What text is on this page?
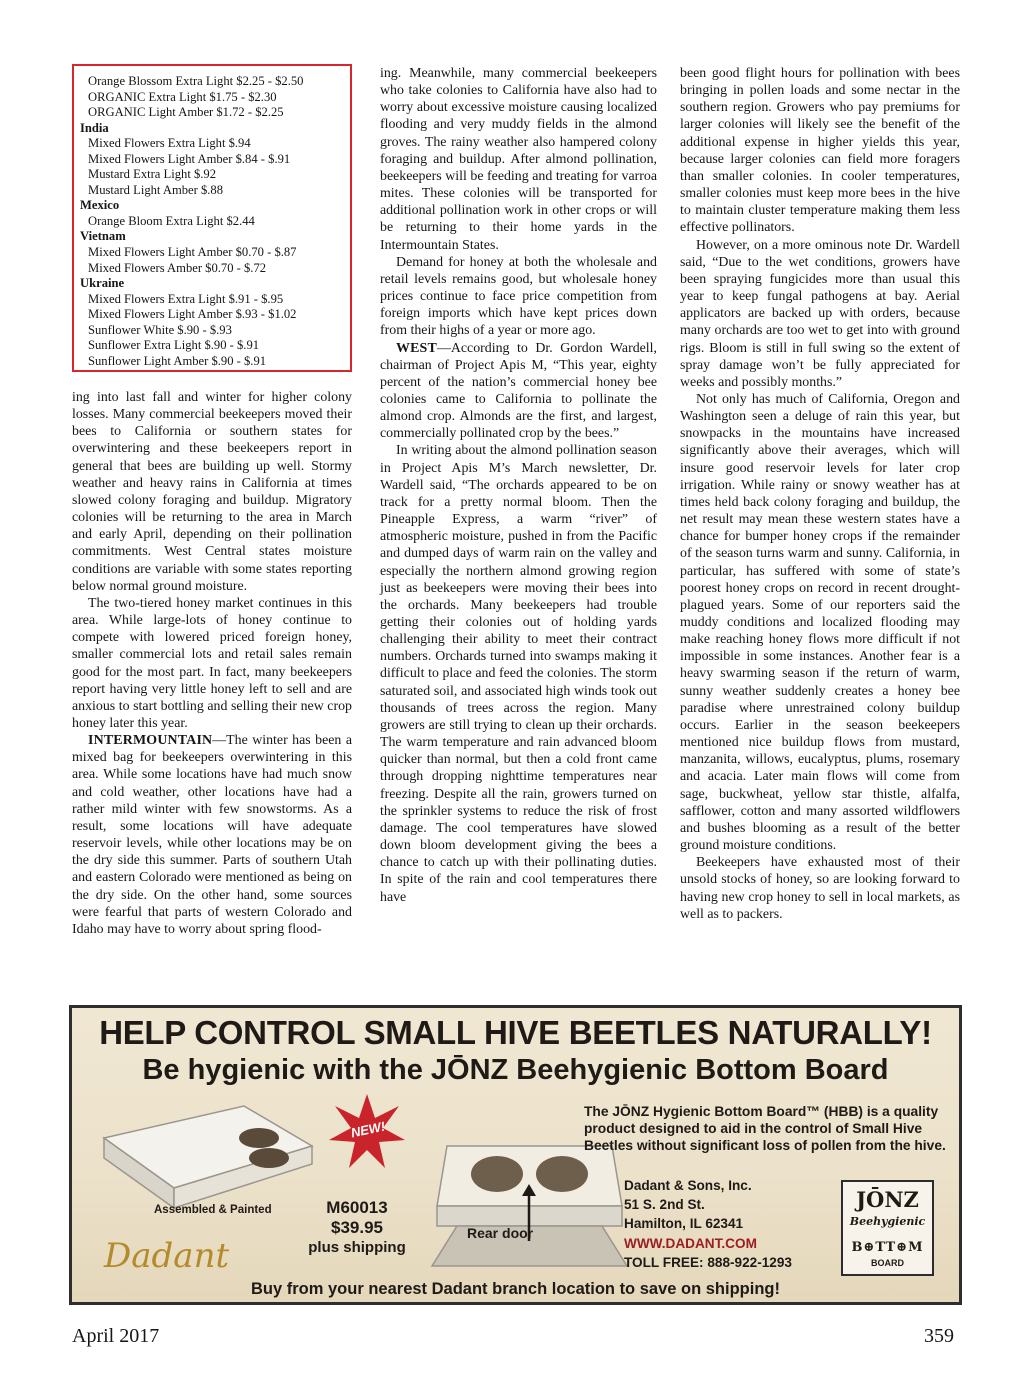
Orange Blossom Extra Light $2.25 - $2.50
ORGANIC Extra Light $1.75 - $2.30
ORGANIC Light Amber $1.72 - $2.25
India
Mixed Flowers Extra Light $.94
Mixed Flowers Light Amber $.84 - $.91
Mustard Extra Light $.92
Mustard Light Amber $.88
Mexico
Orange Bloom Extra Light $2.44
Vietnam
Mixed Flowers Light Amber $0.70 - $.87
Mixed Flowers Amber $0.70 - $.72
Ukraine
Mixed Flowers Extra Light $.91 - $.95
Mixed Flowers Light Amber $.93 - $1.02
Sunflower White $.90 - $.93
Sunflower Extra Light $.90 - $.91
Sunflower Light Amber $.90 - $.91

ing into last fall and winter for higher colony losses. Many commercial beekeepers moved their bees to California or southern states for overwintering and these beekeepers report in general that bees are building up well. Stormy weather and heavy rains in California at times slowed colony foraging and buildup. Migratory colonies will be returning to the area in March and early April, depending on their pollination commitments. West Central states moisture conditions are variable with some states reporting below normal ground moisture.

The two-tiered honey market continues in this area. While large-lots of honey continue to compete with lowered priced foreign honey, smaller commercial lots and retail sales remain good for the most part. In fact, many beekeepers report having very little honey left to sell and are anxious to start bottling and selling their new crop honey later this year.

INTERMOUNTAIN—The winter has been a mixed bag for beekeepers overwintering in this area. While some locations have had much snow and cold weather, other locations have had a rather mild winter with few snowstorms. As a result, some locations will have adequate reservoir levels, while other locations may be on the dry side this summer. Parts of southern Utah and eastern Colorado were mentioned as being on the dry side. On the other hand, some sources were fearful that parts of western Colorado and Idaho may have to worry about spring flood-

ing. Meanwhile, many commercial beekeepers who take colonies to California have also had to worry about excessive moisture causing localized flooding and very muddy fields in the almond groves. The rainy weather also hampered colony foraging and buildup. After almond pollination, beekeepers will be feeding and treating for varroa mites. These colonies will be transported for additional pollination work in other crops or will be returning to their home yards in the Intermountain States.

Demand for honey at both the wholesale and retail levels remains good, but wholesale honey prices continue to face price competition from foreign imports which have kept prices down from their highs of a year or more ago.

WEST—According to Dr. Gordon Wardell, chairman of Project Apis M, “This year, eighty percent of the nation’s commercial honey bee colonies came to California to pollinate the almond crop. Almonds are the first, and largest, commercially pollinated crop by the bees.”

In writing about the almond pollination season in Project Apis M’s March newsletter, Dr. Wardell said, “The orchards appeared to be on track for a pretty normal bloom. Then the Pineapple Express, a warm “river” of atmospheric moisture, pushed in from the Pacific and dumped days of warm rain on the valley and especially the northern almond growing region just as beekeepers were moving their bees into the orchards. Many beekeepers had trouble getting their colonies out of holding yards challenging their ability to meet their contract numbers. Orchards turned into swamps making it difficult to place and feed the colonies. The storm saturated soil, and associated high winds took out thousands of trees across the region. Many growers are still trying to clean up their orchards. The warm temperature and rain advanced bloom quicker than normal, but then a cold front came through dropping nighttime temperatures near freezing. Despite all the rain, growers turned on the sprinkler systems to reduce the risk of frost damage. The cool temperatures have slowed down bloom development giving the bees a chance to catch up with their pollinating duties. In spite of the rain and cool temperatures there have

been good flight hours for pollination with bees bringing in pollen loads and some nectar in the southern region. Growers who pay premiums for larger colonies will likely see the benefit of the additional expense in higher yields this year, because larger colonies can field more foragers than smaller colonies. In cooler temperatures, smaller colonies must keep more bees in the hive to maintain cluster temperature making them less effective pollinators.

However, on a more ominous note Dr. Wardell said, “Due to the wet conditions, growers have been spraying fungicides more than usual this year to keep fungal pathogens at bay. Aerial applicators are backed up with orders, because many orchards are too wet to get into with ground rigs. Bloom is still in full swing so the extent of spray damage won’t be fully appreciated for weeks and possibly months.”

Not only has much of California, Oregon and Washington seen a deluge of rain this year, but snowpacks in the mountains have increased significantly above their averages, which will insure good reservoir levels for later crop irrigation. While rainy or snowy weather has at times held back colony foraging and buildup, the net result may mean these western states have a chance for bumper honey crops if the remainder of the season turns warm and sunny. California, in particular, has suffered with some of state’s poorest honey crops on record in recent drought-plagued years. Some of our reporters said the muddy conditions and localized flooding may make reaching honey flows more difficult if not impossible in some instances. Another fear is a heavy swarming season if the return of warm, sunny weather suddenly creates a honey bee paradise where unrestrained colony buildup occurs. Earlier in the season beekeepers mentioned nice buildup flows from mustard, manzanita, willows, eucalyptus, plums, rosemary and acacia. Later main flows will come from sage, buckwheat, yellow star thistle, alfalfa, safflower, cotton and many assorted wildflowers and bushes blooming as a result of the better ground moisture conditions.

Beekeepers have exhausted most of their unsold stocks of honey, so are looking forward to having new crop honey to sell in local markets, as well as to packers.

HELP CONTROL SMALL HIVE BEETLES NATURALLY!
Be hygienic with the JŌNZ Beehygienic Bottom Board
Assembled & Painted
NEW!
M60013
$39.95
plus shipping
Rear door
The JŌNZ Hygienic Bottom Board™ (HBB) is a quality product designed to aid in the control of Small Hive Beetles without significant loss of pollen from the hive.
Dadant & Sons, Inc.
51 S. 2nd St.
Hamilton, IL 62341
WWW.DADANT.COM
TOLL FREE: 888-922-1293
JŌNZ
Beehygienic
B⊕TT⊕M
BOARD
Dadant
Buy from your nearest Dadant branch location to save on shipping!
April 2017	359
